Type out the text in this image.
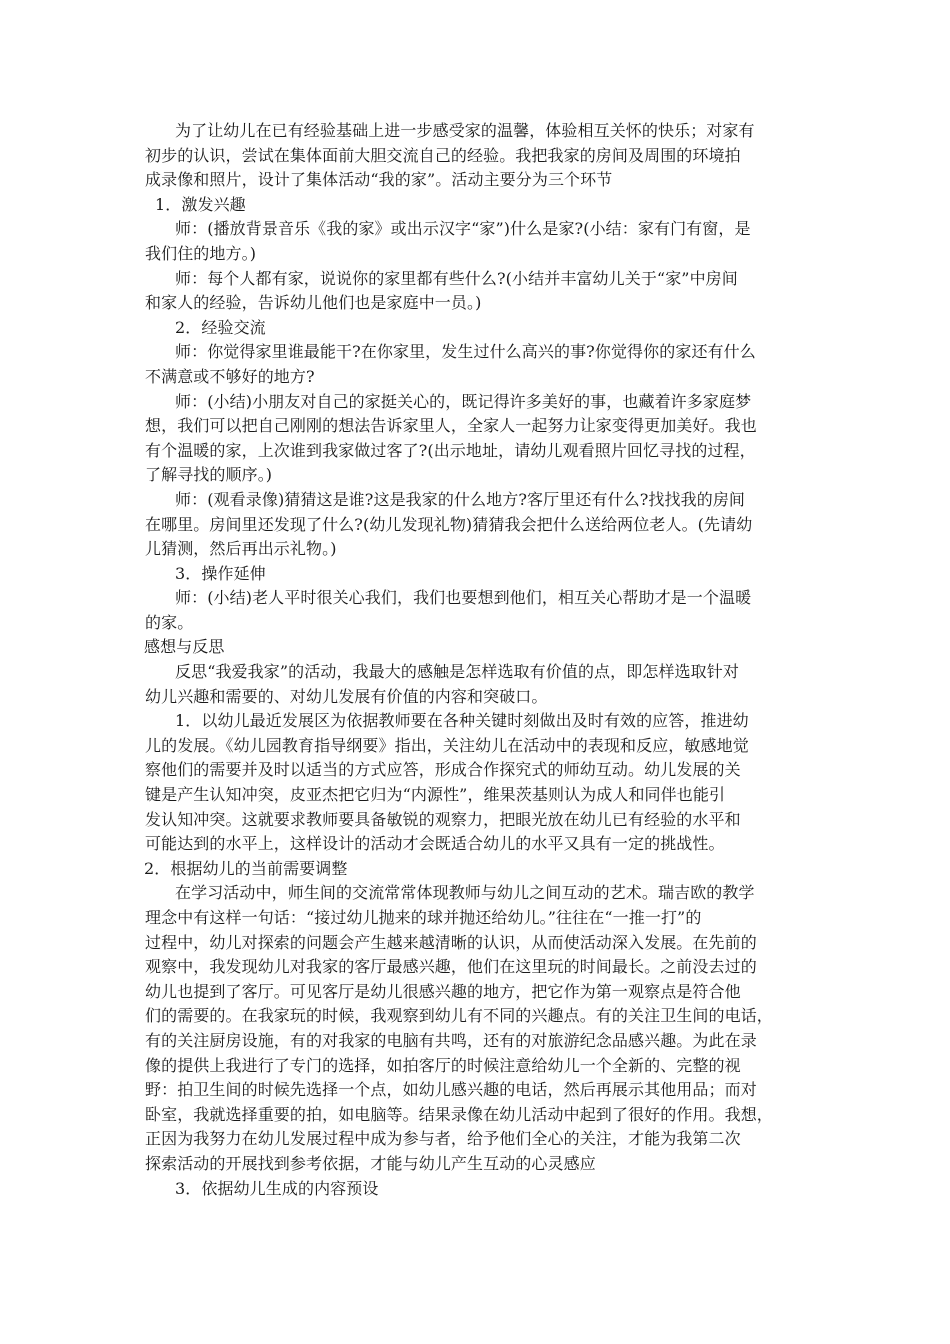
为了让幼儿在已有经验基础上进一步感受家的温馨，体验相互关怀的快乐；对家有
初步的认识，尝试在集体面前大胆交流自己的经验。我把我家的房间及周围的环境拍
成录像和照片，设计了集体活动“我的家”。活动主要分为三个环节
1．激发兴趣
师：(播放背景音乐《我的家》或出示汉字“家”)什么是家?(小结：家有门有窗，是
我们住的地方。)
师：每个人都有家，说说你的家里都有些什么?(小结并丰富幼儿关于“家”中房间
和家人的经验，告诉幼儿他们也是家庭中一员。)
2．经验交流
师：你觉得家里谁最能干?在你家里，发生过什么高兴的事?你觉得你的家还有什么
不满意或不够好的地方?
师：(小结)小朋友对自己的家挺关心的，既记得许多美好的事，也藏着许多家庭梦
想，我们可以把自己刚刚的想法告诉家里人，全家人一起努力让家变得更加美好。我也
有个温暖的家，上次谁到我家做过客了?(出示地址，请幼儿观看照片回忆寻找的过程，
了解寻找的顺序。)
师：(观看录像)猜猜这是谁?这是我家的什么地方?客厅里还有什么?找找我的房间
在哪里。房间里还发现了什么?(幼儿发现礼物)猜猜我会把什么送给两位老人。(先请幼
儿猜测，然后再出示礼物。)
3．操作延伸
师：(小结)老人平时很关心我们，我们也要想到他们，相互关心帮助才是一个温暖
的家。
感想与反思
反思“我爱我家”的活动，我最大的感触是怎样选取有价值的点，即怎样选取针对
幼儿兴趣和需要的、对幼儿发展有价值的内容和突破口。
1．以幼儿最近发展区为依据教师要在各种关键时刻做出及时有效的应答，推进幼
儿的发展。《幼儿园教育指导纲要》指出，关注幼儿在活动中的表现和反应，敏感地觉
察他们的需要并及时以适当的方式应答，形成合作探究式的师幼互动。幼儿发展的关
键是产生认知冲突，皮亚杰把它归为“内源性”，维果茨基则认为成人和同伴也能引
发认知冲突。这就要求教师要具备敏锐的观察力，把眼光放在幼儿已有经验的水平和
可能达到的水平上，这样设计的活动才会既适合幼儿的水平又具有一定的挑战性。
2．根据幼儿的当前需要调整
在学习活动中，师生间的交流常常体现教师与幼儿之间互动的艺术。瑞吉欧的教学
理念中有这样一句话：“接过幼儿抛来的球并抛还给幼儿。”往往在“一推一打”的
过程中，幼儿对探索的问题会产生越来越清晰的认识，从而使活动深入发展。在先前的
观察中，我发现幼儿对我家的客厅最感兴趣，他们在这里玩的时间最长。之前没去过的
幼儿也提到了客厅。可见客厅是幼儿很感兴趣的地方，把它作为第一观察点是符合他
们的需要的。在我家玩的时候，我观察到幼儿有不同的兴趣点。有的关注卫生间的电话，
有的关注厨房设施，有的对我家的电脑有共鸣，还有的对旅游纪念品感兴趣。为此在录
像的提供上我进行了专门的选择，如拍客厅的时候注意给幼儿一个全新的、完整的视
野：拍卫生间的时候先选择一个点，如幼儿感兴趣的电话，然后再展示其他用品；而对
卧室，我就选择重要的拍，如电脑等。结果录像在幼儿活动中起到了很好的作用。我想，
正因为我努力在幼儿发展过程中成为参与者，给予他们全心的关注，才能为我第二次
探索活动的开展找到参考依据，才能与幼儿产生互动的心灵感应
3．依据幼儿生成的内容预设
